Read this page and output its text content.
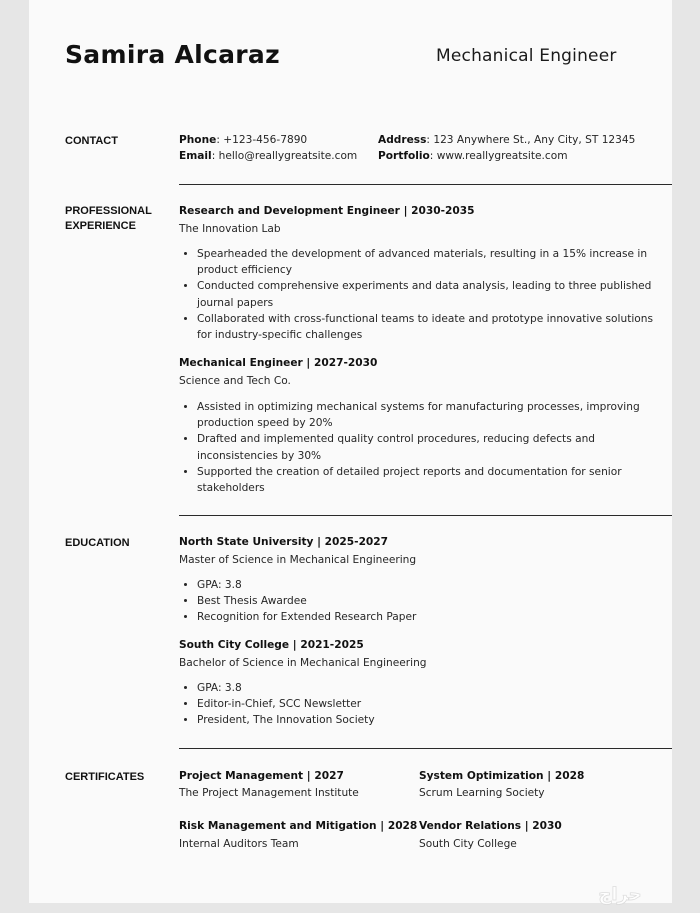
Samira Alcaraz	Mechanical Engineer
CONTACT	Phone: +123-456-7890
Email: hello@reallygreatsite.com
Address: 123 Anywhere St., Any City, ST 12345
Portfolio: www.reallygreatsite.com
PROFESSIONAL
EXPERIENCE
Research and Development Engineer | 2030-2035
The Innovation Lab
• Spearheaded the development of advanced materials, resulting in a 15% increase in product efficiency
• Conducted comprehensive experiments and data analysis, leading to three published journal papers
• Collaborated with cross-functional teams to ideate and prototype innovative solutions for industry-specific challenges
Mechanical Engineer | 2027-2030
Science and Tech Co.
• Assisted in optimizing mechanical systems for manufacturing processes, improving production speed by 20%
• Drafted and implemented quality control procedures, reducing defects and inconsistencies by 30%
• Supported the creation of detailed project reports and documentation for senior stakeholders
EDUCATION	North State University | 2025-2027
Master of Science in Mechanical Engineering
• GPA: 3.8
• Best Thesis Awardee
• Recognition for Extended Research Paper
South City College | 2021-2025
Bachelor of Science in Mechanical Engineering
• GPA: 3.8
• Editor-in-Chief, SCC Newsletter
• President, The Innovation Society
CERTIFICATES	Project Management | 2027
The Project Management Institute
System Optimization | 2028
Scrum Learning Society
Risk Management and Mitigation | 2028
Internal Auditors Team
Vendor Relations | 2030
South City College
حراج
